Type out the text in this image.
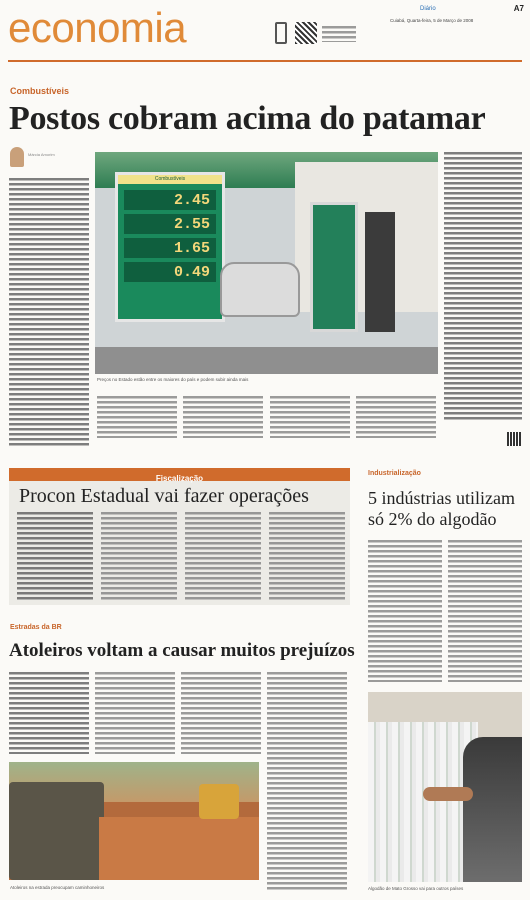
economia	A7
Diário
Cuiabá, Quarta-feira, 5 de Março de 2008
Combustíveis
Postos cobram acima do patamar
Márcia Amorim
Combustíveis
2.45
2.55
1.65
0.49
Preços no Estado estão entre os maiores do país e podem subir ainda mais
Fiscalização
Procon Estadual vai fazer operações
Industrialização
5 indústrias utilizam só 2% do algodão
Algodão de Mato Grosso vai para outros países
Estradas da BR
Atoleiros voltam a causar muitos prejuízos
Atoleiros na estrada preocupam caminhoneiros
